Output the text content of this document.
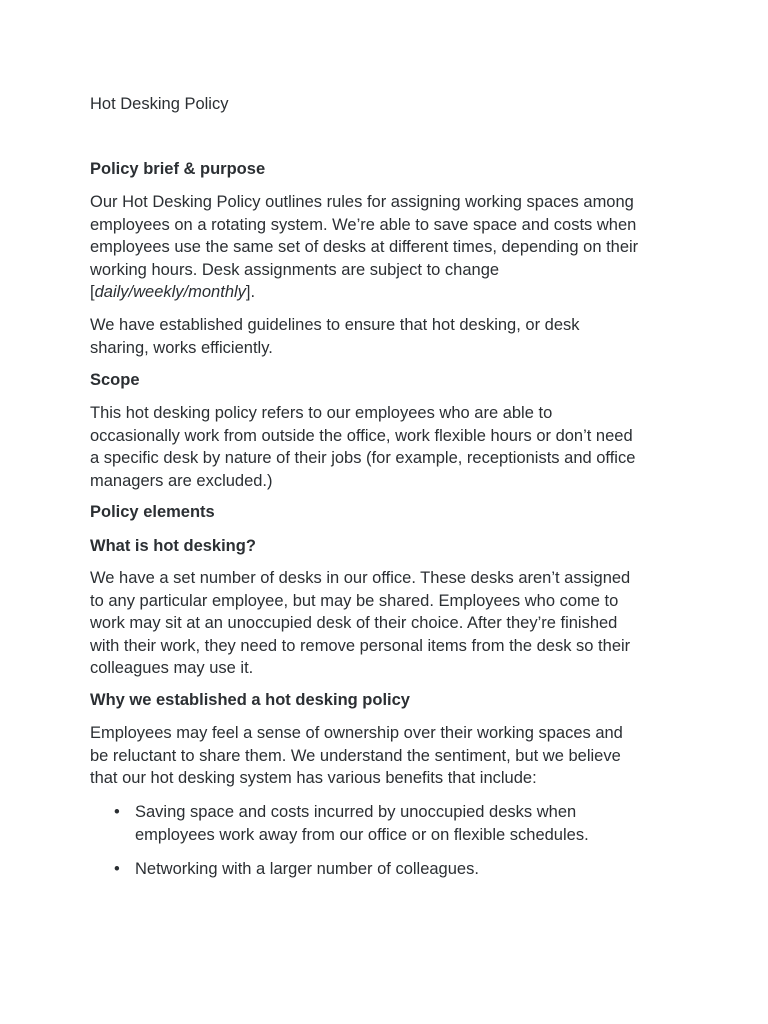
Hot Desking Policy
Policy brief & purpose
Our Hot Desking Policy outlines rules for assigning working spaces among
employees on a rotating system. We’re able to save space and costs when
employees use the same set of desks at different times, depending on their
working hours. Desk assignments are subject to change
[daily/weekly/monthly].
We have established guidelines to ensure that hot desking, or desk
sharing, works efficiently.
Scope
This hot desking policy refers to our employees who are able to
occasionally work from outside the office, work flexible hours or don’t need
a specific desk by nature of their jobs (for example, receptionists and office
managers are excluded.)
Policy elements
What is hot desking?
We have a set number of desks in our office. These desks aren’t assigned
to any particular employee, but may be shared. Employees who come to
work may sit at an unoccupied desk of their choice. After they’re finished
with their work, they need to remove personal items from the desk so their
colleagues may use it.
Why we established a hot desking policy
Employees may feel a sense of ownership over their working spaces and
be reluctant to share them. We understand the sentiment, but we believe
that our hot desking system has various benefits that include:
• Saving space and costs incurred by unoccupied desks when
employees work away from our office or on flexible schedules.
• Networking with a larger number of colleagues.
